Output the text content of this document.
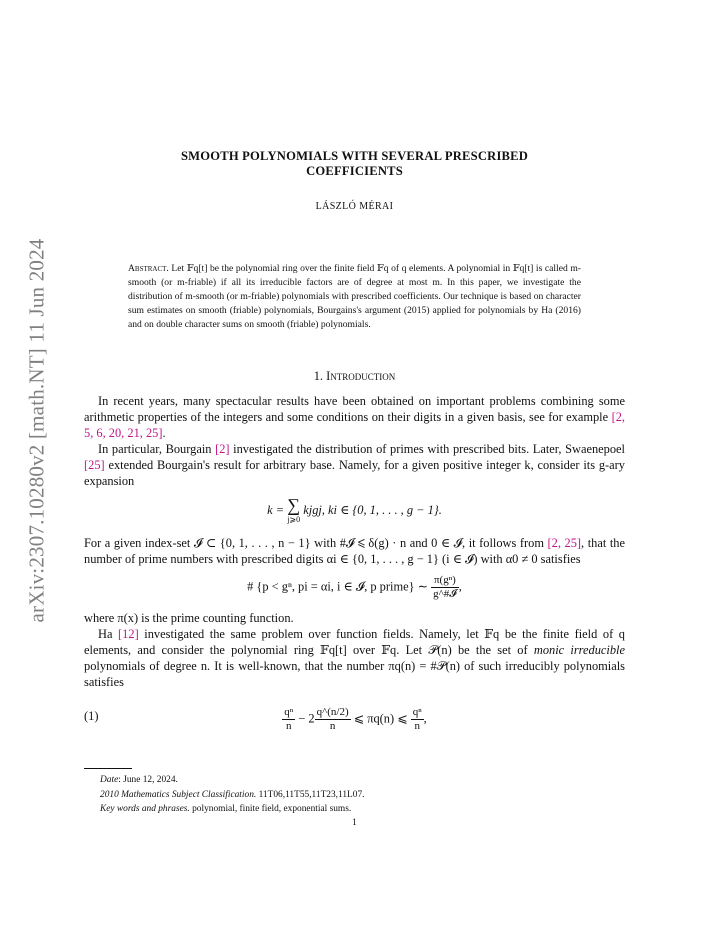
arXiv:2307.10280v2 [math.NT] 11 Jun 2024
SMOOTH POLYNOMIALS WITH SEVERAL PRESCRIBED
COEFFICIENTS
LÁSZLÓ MÉRAI
Abstract. Let 𝔽q[t] be the polynomial ring over the finite field 𝔽q of q elements. A polynomial in 𝔽q[t] is called m-smooth (or m-friable) if all its irreducible factors are of degree at most m. In this paper, we investigate the distribution of m-smooth (or m-friable) polynomials with prescribed coefficients. Our technique is based on character sum estimates on smooth (friable) polynomials, Bourgains's argument (2015) applied for polynomials by Ha (2016) and on double character sums on smooth (friable) polynomials.
1. Introduction

In recent years, many spectacular results have been obtained on important problems combining some arithmetic properties of the integers and some conditions on their digits in a given basis, see for example [2, 5, 6, 20, 21, 25].

In particular, Bourgain [2] investigated the distribution of primes with prescribed bits. Later, Swaenepoel [25] extended Bourgain's result for arbitrary base. Namely, for a given positive integer k, consider its g-ary expansion

k = ∑
j⩾0
kjgj, ki ∈ {0, 1, . . . , g − 1}.

For a given index-set 𝓘 ⊂ {0, 1, . . . , n − 1} with #𝓘 ⩽ δ(g) · n and 0 ∈ 𝓘, it follows from [2, 25], that the number of prime numbers with prescribed digits αi ∈ {0, 1, . . . , g − 1} (i ∈ 𝓘) with α0 ≠ 0 satisfies

# {p < gⁿ, pi = αi, i ∈ 𝓘, p prime} ∼ $\frac{\text{π(gⁿ)}}{\text{g\textasciicircum{}\#𝓘}}$ ,

where π(x) is the prime counting function.

Ha [12] investigated the same problem over function fields. Namely, let 𝔽q be the finite field of q elements, and consider the polynomial ring 𝔽q[t] over 𝔽q. Let 𝒫(n) be the set of monic irreducible polynomials of degree n. It is well-known, that the number πq(n) = #𝒫(n) of such irreducibly polynomials satisfies

(1)	$\frac{\text{qⁿ}}{n} - 2 \frac{q\^{}(n/2)}{n}$ ⩽ πq(n) ⩽ $\frac{\text{qⁿ}}{n}$ ,

Date: June 12, 2024.

2010 Mathematics Subject Classification. 11T06,11T55,11T23,11L07.

Key words and phrases. polynomial, finite field, exponential sums.

1
